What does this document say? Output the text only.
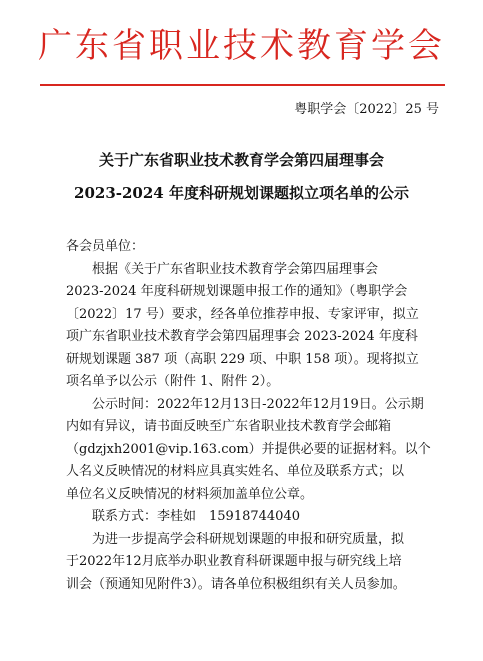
广东省职业技术教育学会
粤职学会〔2022〕25 号
关于广东省职业技术教育学会第四届理事会
2023-2024 年度科研规划课题拟立项名单的公示
各会员单位：

　　根据《关于广东省职业技术教育学会第四届理事会

2023-2024 年度科研规划课题申报工作的通知》（粤职学会

〔2022〕17 号）要求，经各单位推荐申报、专家评审，拟立

项广东省职业技术教育学会第四届理事会 2023-2024 年度科

研规划课题 387 项（高职 229 项、中职 158 项）。现将拟立

项名单予以公示（附件 1、附件 2）。

　　公示时间：2022年12月13日-2022年12月19日。公示期

内如有异议，请书面反映至广东省职业技术教育学会邮箱

（gdzjxh2001@vip.163.com）并提供必要的证据材料。以个

人名义反映情况的材料应具真实姓名、单位及联系方式；以

单位名义反映情况的材料须加盖单位公章。

　　联系方式：李桂如　15918744040

　　为进一步提高学会科研规划课题的申报和研究质量，拟

于2022年12月底举办职业教育科研课题申报与研究线上培

训会（预通知见附件3）。请各单位积极组织有关人员参加。
